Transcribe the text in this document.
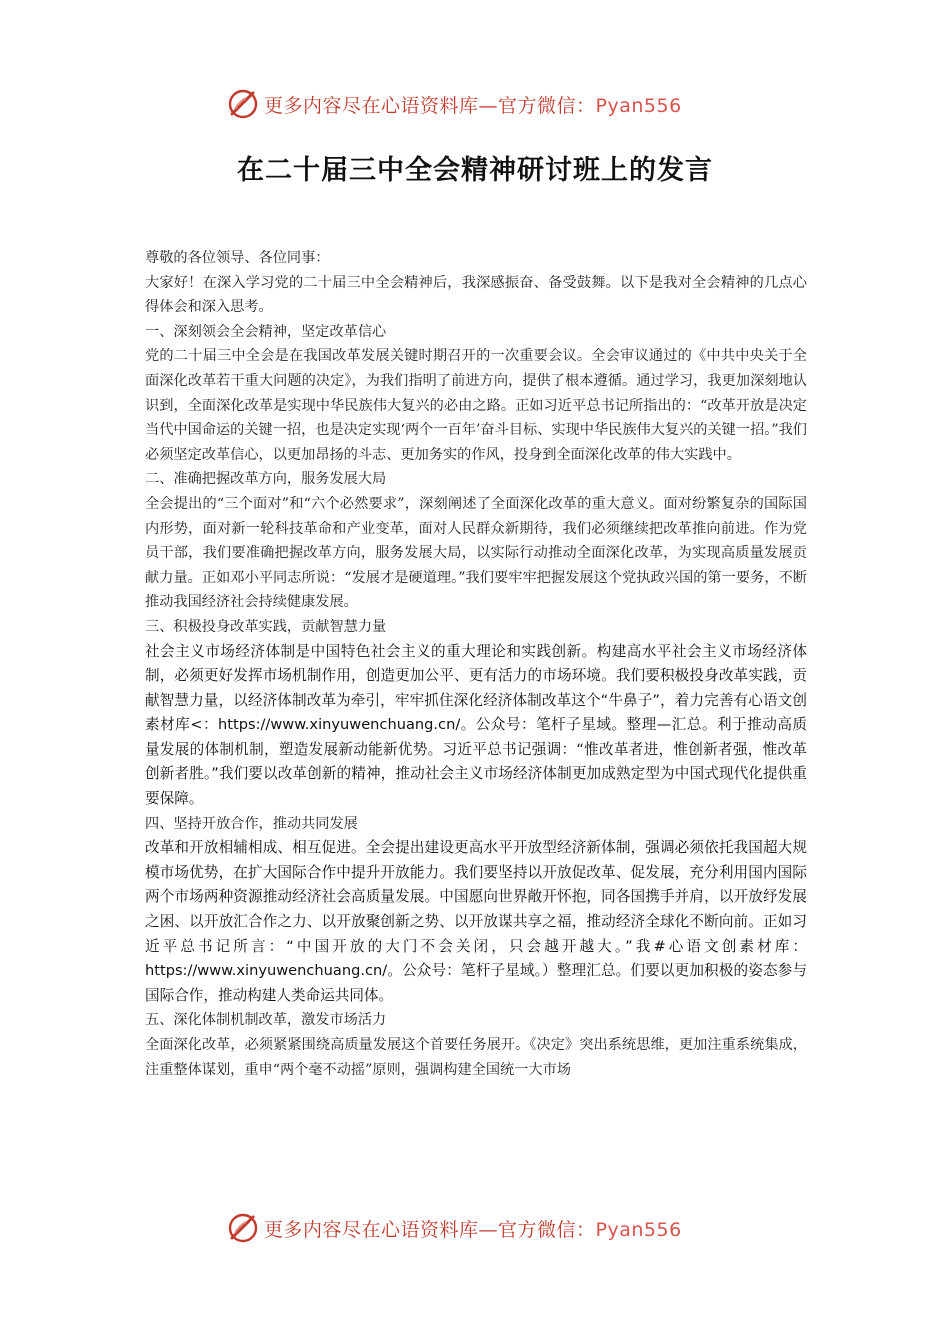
更多内容尽在心语资料库—官方微信：Pyan556
在二十届三中全会精神研讨班上的发言

尊敬的各位领导、各位同事：

大家好！在深入学习党的二十届三中全会精神后，我深感振奋、备受鼓舞。以下是我对全会精神的几点心得体会和深入思考。

一、深刻领会全会精神，坚定改革信心

党的二十届三中全会是在我国改革发展关键时期召开的一次重要会议。全会审议通过的《中共中央关于全面深化改革若干重大问题的决定》，为我们指明了前进方向，提供了根本遵循。通过学习，我更加深刻地认识到，全面深化改革是实现中华民族伟大复兴的必由之路。正如习近平总书记所指出的：“改革开放是决定当代中国命运的关键一招，也是决定实现‘两个一百年’奋斗目标、实现中华民族伟大复兴的关键一招。”我们必须坚定改革信心，以更加昂扬的斗志、更加务实的作风，投身到全面深化改革的伟大实践中。

二、准确把握改革方向，服务发展大局

全会提出的“三个面对”和“六个必然要求”，深刻阐述了全面深化改革的重大意义。面对纷繁复杂的国际国内形势，面对新一轮科技革命和产业变革，面对人民群众新期待，我们必须继续把改革推向前进。作为党员干部，我们要准确把握改革方向，服务发展大局，以实际行动推动全面深化改革，为实现高质量发展贡献力量。正如邓小平同志所说：“发展才是硬道理。”我们要牢牢把握发展这个党执政兴国的第一要务，不断推动我国经济社会持续健康发展。

三、积极投身改革实践，贡献智慧力量

社会主义市场经济体制是中国特色社会主义的重大理论和实践创新。构建高水平社会主义市场经济体制，必须更好发挥市场机制作用，创造更加公平、更有活力的市场环境。我们要积极投身改革实践，贡献智慧力量，以经济体制改革为牵引，牢牢抓住深化经济体制改革这个“牛鼻子”，着力完善有心语文创素材库<：https://www.xinyuwenchuang.cn/。公众号：笔杆子星域。整理—汇总。利于推动高质量发展的体制机制，塑造发展新动能新优势。习近平总书记强调：“惟改革者进，惟创新者强，惟改革创新者胜。”我们要以改革创新的精神，推动社会主义市场经济体制更加成熟定型为中国式现代化提供重要保障。

四、坚持开放合作，推动共同发展

改革和开放相辅相成、相互促进。全会提出建设更高水平开放型经济新体制，强调必须依托我国超大规模市场优势，在扩大国际合作中提升开放能力。我们要坚持以开放促改革、促发展，充分利用国内国际两个市场两种资源推动经济社会高质量发展。中国愿向世界敞开怀抱，同各国携手并肩，以开放纾发展之困、以开放汇合作之力、以开放聚创新之势、以开放谋共享之福，推动经济全球化不断向前。正如习近平总书记所言：“中国开放的大门不会关闭，只会越开越大。”我#心语文创素材库：https://www.xinyuwenchuang.cn/。公众号：笔杆子星域。）整理汇总。们要以更加积极的姿态参与国际合作，推动构建人类命运共同体。

五、深化体制机制改革，激发市场活力

全面深化改革，必须紧紧围绕高质量发展这个首要任务展开。《决定》突出系统思维，更加注重系统集成，注重整体谋划，重申“两个毫不动摇”原则，强调构建全国统一大市场

更多内容尽在心语资料库—官方微信：Pyan556
